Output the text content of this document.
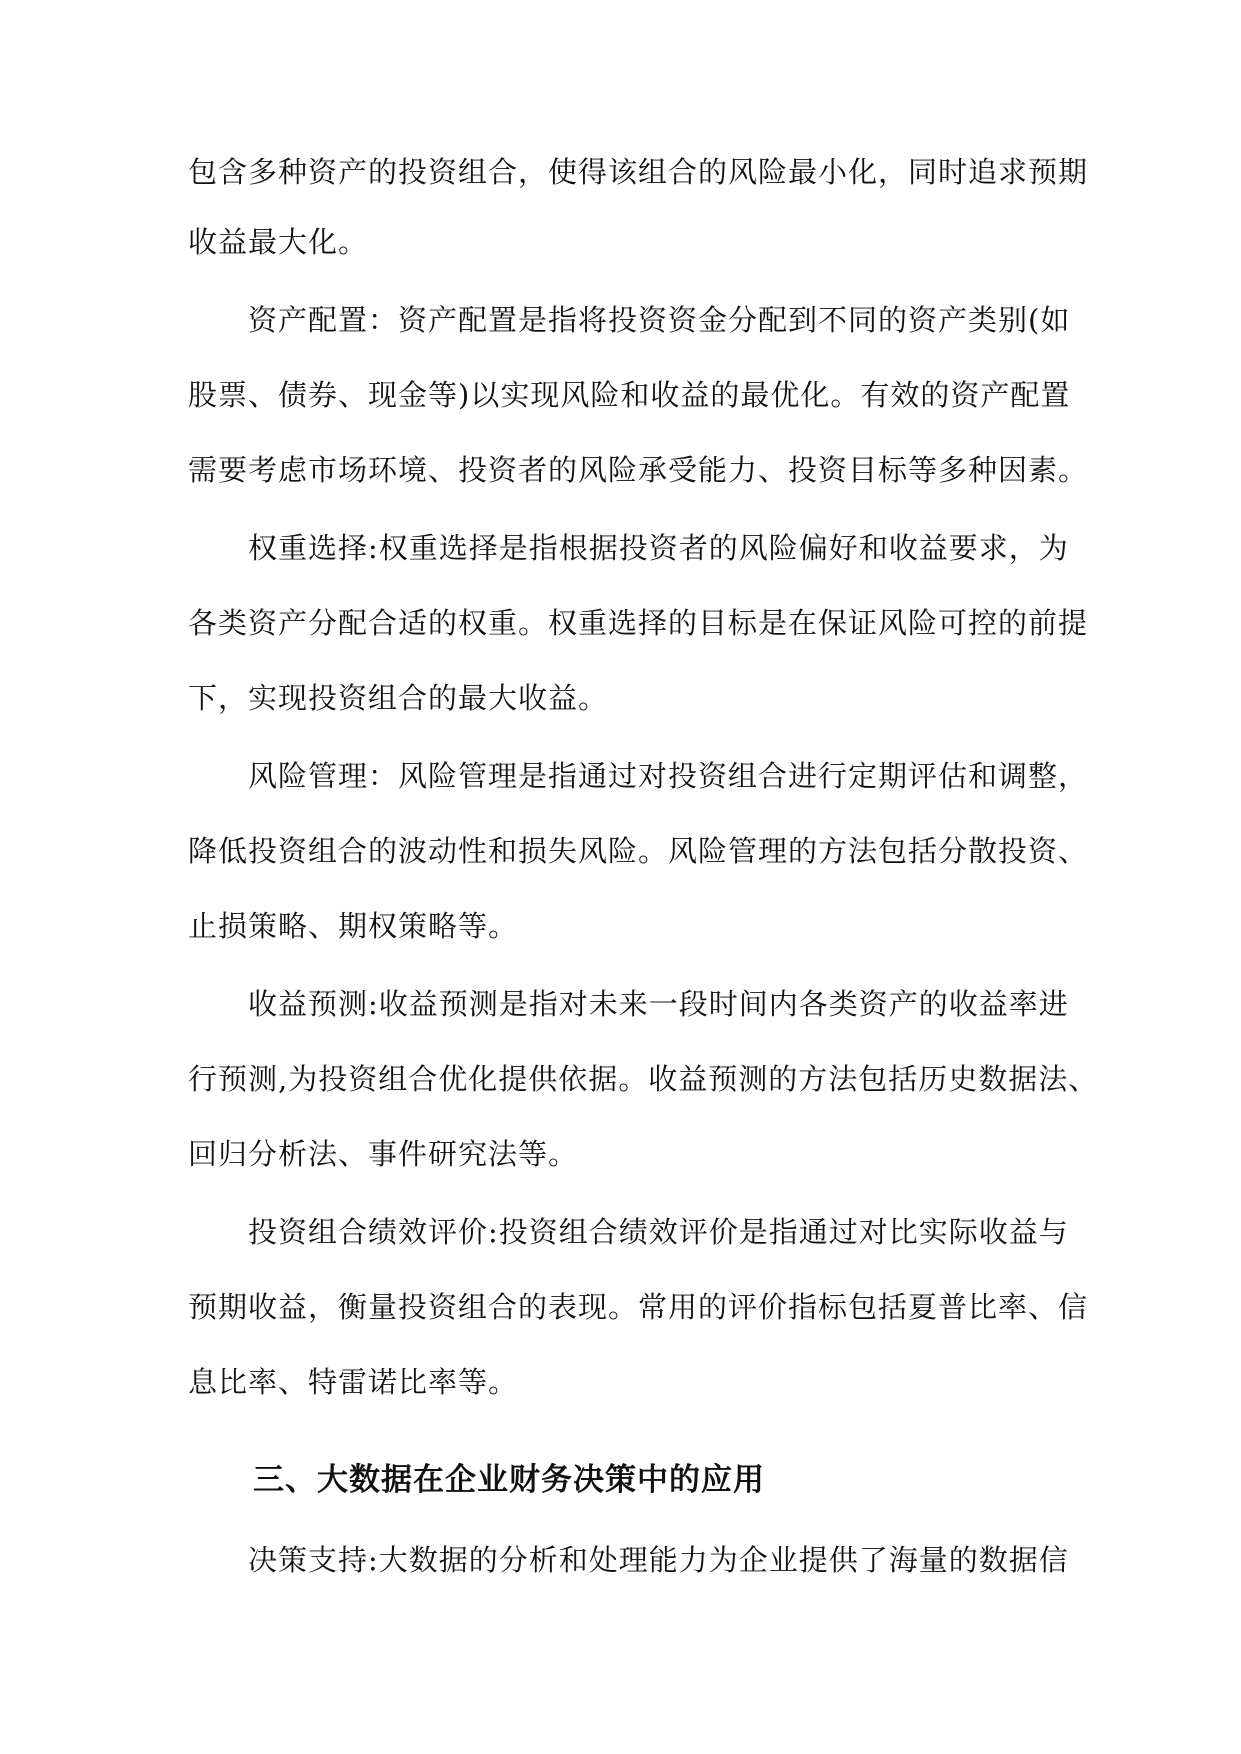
包含多种资产的投资组合，使得该组合的风险最小化，同时追求预期
收益最大化。
资产配置：资产配置是指将投资资金分配到不同的资产类别(如
股票、债券、现金等)以实现风险和收益的最优化。有效的资产配置
需要考虑市场环境、投资者的风险承受能力、投资目标等多种因素。
权重选择:权重选择是指根据投资者的风险偏好和收益要求，为
各类资产分配合适的权重。权重选择的目标是在保证风险可控的前提
下，实现投资组合的最大收益。
风险管理：风险管理是指通过对投资组合进行定期评估和调整，
降低投资组合的波动性和损失风险。风险管理的方法包括分散投资、
止损策略、期权策略等。
收益预测:收益预测是指对未来一段时间内各类资产的收益率进
行预测,为投资组合优化提供依据。收益预测的方法包括历史数据法、
回归分析法、事件研究法等。
投资组合绩效评价:投资组合绩效评价是指通过对比实际收益与
预期收益，衡量投资组合的表现。常用的评价指标包括夏普比率、信
息比率、特雷诺比率等。
三、大数据在企业财务决策中的应用
决策支持:大数据的分析和处理能力为企业提供了海量的数据信
